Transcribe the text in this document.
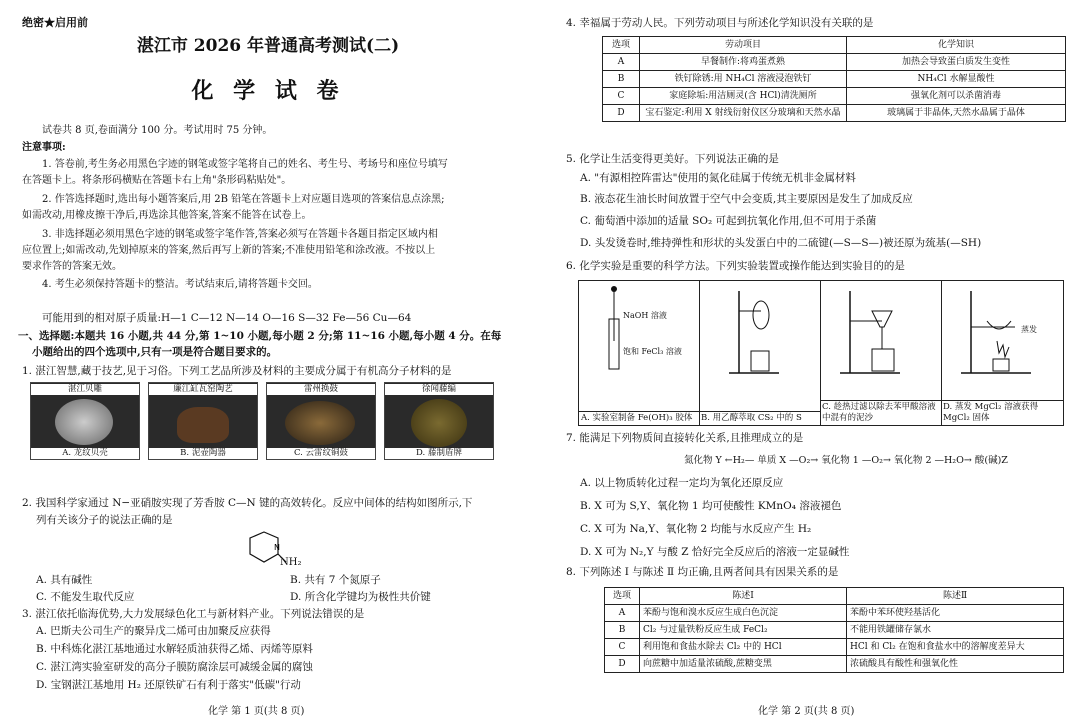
绝密★启用前
湛江市 2026 年普通高考测试(二)
化 学 试 卷
试卷共 8 页,卷面满分 100 分。考试用时 75 分钟。
注意事项:
1. 答卷前,考生务必用黑色字迹的钢笔或签字笔将自己的姓名、考生号、考场号和座位号填写
在答题卡上。将条形码横贴在答题卡右上角"条形码粘贴处"。
2. 作答选择题时,选出每小题答案后,用 2B 铅笔在答题卡上对应题目选项的答案信息点涂黑;
如需改动,用橡皮擦干净后,再选涂其他答案,答案不能答在试卷上。
3. 非选择题必须用黑色字迹的钢笔或签字笔作答,答案必须写在答题卡各题目指定区域内相
应位置上;如需改动,先划掉原来的答案,然后再写上新的答案;不准使用铅笔和涂改液。不按以上
要求作答的答案无效。
4. 考生必须保持答题卡的整洁。考试结束后,请将答题卡交回。
可能用到的相对原子质量:H—1 C—12 N—14 O—16 S—32 Fe—56 Cu—64
一、选择题:本题共 16 小题,共 44 分,第 1~10 小题,每小题 2 分;第 11~16 小题,每小题 4 分。在每
小题给出的四个选项中,只有一项是符合题目要求的。
1. 湛江智慧,藏于技艺,见于习俗。下列工艺品所涉及材料的主要成分属于有机高分子材料的是
湛江贝雕
A. 龙纹贝壳
廉江缸瓦窑陶艺
B. 泥壶陶器
雷州换鼓
C. 云雷纹铜鼓
徐闻藤编
D. 藤制盾牌
2. 我国科学家通过 N−亚硝胺实现了芳香胺 C—N 键的高效转化。反应中间体的结构如图所示,下
列有关该分子的说法正确的是
N
NH₂
A. 具有碱性	B. 共有 7 个氮原子
C. 不能发生取代反应	D. 所含化学键均为极性共价键
3. 湛江依托临海优势,大力发展绿色化工与新材料产业。下列说法错误的是
A. 巴斯夫公司生产的聚异戊二烯可由加聚反应获得
B. 中科炼化湛江基地通过水解轻质油获得乙烯、丙烯等原料
C. 湛江湾实验室研发的高分子膜防腐涂层可减缓金属的腐蚀
D. 宝钢湛江基地用 H₂ 还原铁矿石有利于落实"低碳"行动
化学 第 1 页(共 8 页)
4. 幸福属于劳动人民。下列劳动项目与所述化学知识没有关联的是
选项	劳动项目	化学知识
A	早餐制作:将鸡蛋煮熟	加热会导致蛋白质发生变性
B	铁钉除锈:用 NH₄Cl 溶液浸泡铁钉	NH₄Cl 水解显酸性
C	家庭除垢:用洁厕灵(含 HCl)清洗厕所	强氧化剂可以杀菌消毒
D	宝石鉴定:利用 X 射线衍射仪区分玻璃和天然水晶	玻璃属于非晶体,天然水晶属于晶体
5. 化学让生活变得更美好。下列说法正确的是
A. "有源相控阵雷达"使用的氮化硅属于传统无机非金属材料
B. 液态花生油长时间放置于空气中会变质,其主要原因是发生了加成反应
C. 葡萄酒中添加的适量 SO₂ 可起到抗氧化作用,但不可用于杀菌
D. 头发烫卷时,维持弹性和形状的头发蛋白中的二硫键(—S—S—)被还原为巯基(—SH)
6. 化学实验是重要的科学方法。下列实验装置或操作能达到实验目的的是
NaOH 溶液
饱和 FeCl₃ 溶液
A. 实验室制备 Fe(OH)₃ 胶体	B. 用乙醇萃取 CS₂ 中的 S
C. 趁热过滤以除去苯甲酸溶液中混有的泥沙
蒸发
D. 蒸发 MgCl₂ 溶液获得 MgCl₂ 固体
7. 能满足下列物质间直接转化关系,且推理成立的是
氮化物 Y ←H₂— 单质 X —O₂→ 氧化物 1 —O₂→ 氧化物 2 —H₂O→ 酸(碱)Z
A. 以上物质转化过程一定均为氧化还原反应
B. X 可为 S,Y、氧化物 1 均可使酸性 KMnO₄ 溶液褪色
C. X 可为 Na,Y、氧化物 2 均能与水反应产生 H₂
D. X 可为 N₂,Y 与酸 Z 恰好完全反应后的溶液一定显碱性
8. 下列陈述 Ⅰ 与陈述 Ⅱ 均正确,且两者间具有因果关系的是
选项	陈述Ⅰ	陈述Ⅱ
A	苯酚与饱和溴水反应生成白色沉淀	苯酚中苯环使羟基活化
B	Cl₂ 与过量铁粉反应生成 FeCl₂	不能用铁罐储存氯水
C	利用饱和食盐水除去 Cl₂ 中的 HCl	HCl 和 Cl₂ 在饱和食盐水中的溶解度差异大
D	向蔗糖中加适量浓硫酸,蔗糖变黑	浓硫酸具有酸性和强氧化性
化学 第 2 页(共 8 页)
